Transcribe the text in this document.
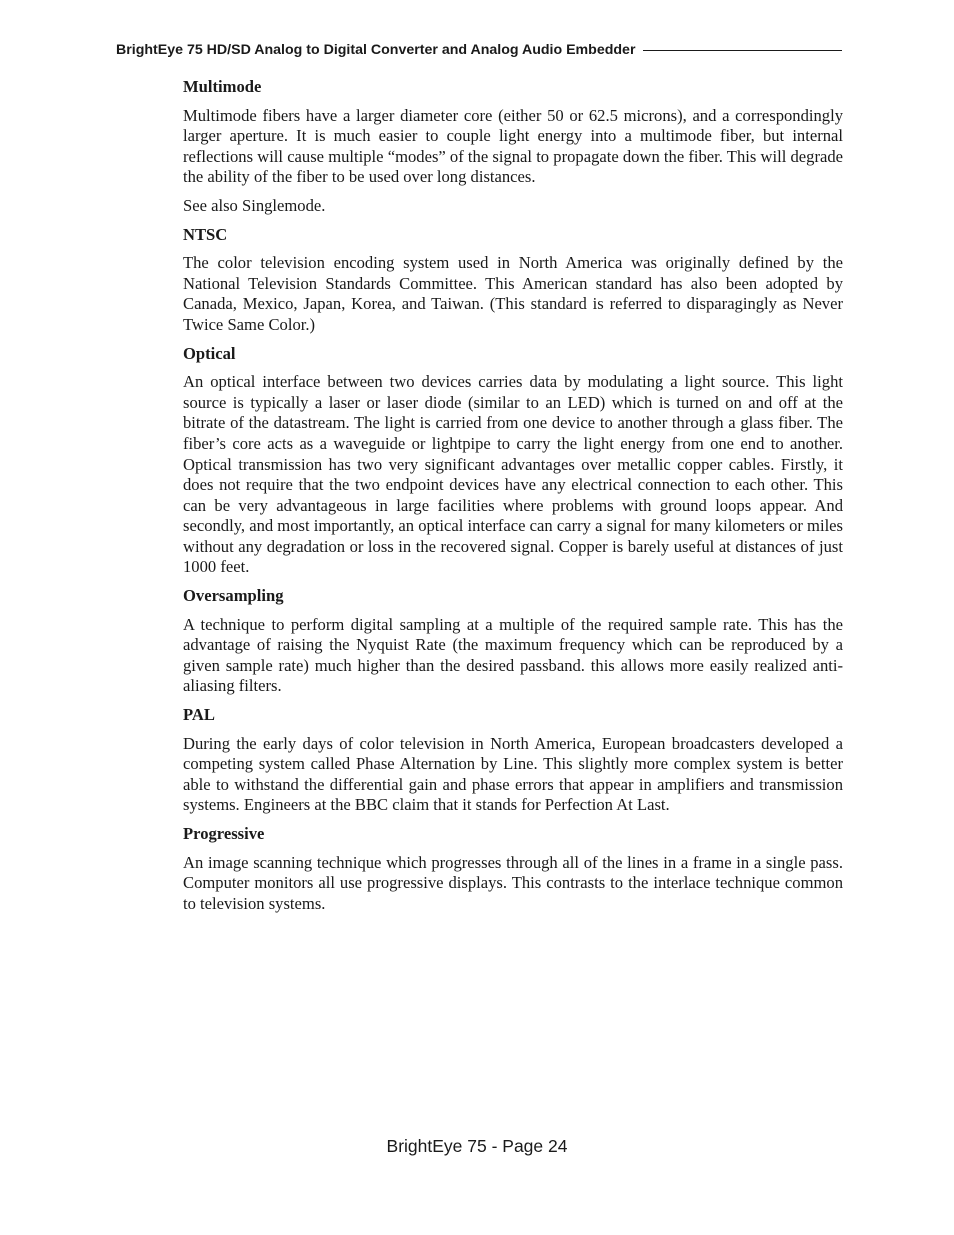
BrightEye 75 HD/SD Analog to Digital Converter and Analog Audio Embedder

Multimode

Multimode fibers have a larger diameter core (either 50 or 62.5 microns), and a correspondingly larger aperture. It is much easier to couple light energy into a multimode fiber, but internal reflections will cause multiple “modes” of the signal to propagate down the fiber. This will degrade the ability of the fiber to be used over long distances.

See also Singlemode.

NTSC

The color television encoding system used in North America was originally defined by the National Television Standards Committee. This American standard has also been adopted by Canada, Mexico, Japan, Korea, and Taiwan. (This standard is referred to disparagingly as Never Twice Same Color.)

Optical

An optical interface between two devices carries data by modulating a light source. This light source is typically a laser or laser diode (similar to an LED) which is turned on and off at the bitrate of the datastream. The light is carried from one device to another through a glass fiber. The fiber’s core acts as a waveguide or lightpipe to carry the light energy from one end to another. Optical transmission has two very significant advantages over metallic copper cables. Firstly, it does not require that the two endpoint devices have any electrical connection to each other. This can be very advantageous in large facilities where problems with ground loops appear. And secondly, and most importantly, an optical interface can carry a signal for many kilometers or miles without any degradation or loss in the recovered signal. Copper is barely useful at distances of just 1000 feet.

Oversampling

A technique to perform digital sampling at a multiple of the required sample rate. This has the advantage of raising the Nyquist Rate (the maximum frequency which can be reproduced by a given sample rate) much higher than the desired passband. this allows more easily realized anti-aliasing filters.

PAL

During the early days of color television in North America, European broadcasters developed a competing system called Phase Alternation by Line. This slightly more complex system is better able to withstand the differential gain and phase errors that appear in amplifiers and transmission systems. Engineers at the BBC claim that it stands for Perfection At Last.

Progressive

An image scanning technique which progresses through all of the lines in a frame in a single pass. Computer monitors all use progressive displays. This contrasts to the interlace technique common to television systems.

BrightEye 75 - Page 24
